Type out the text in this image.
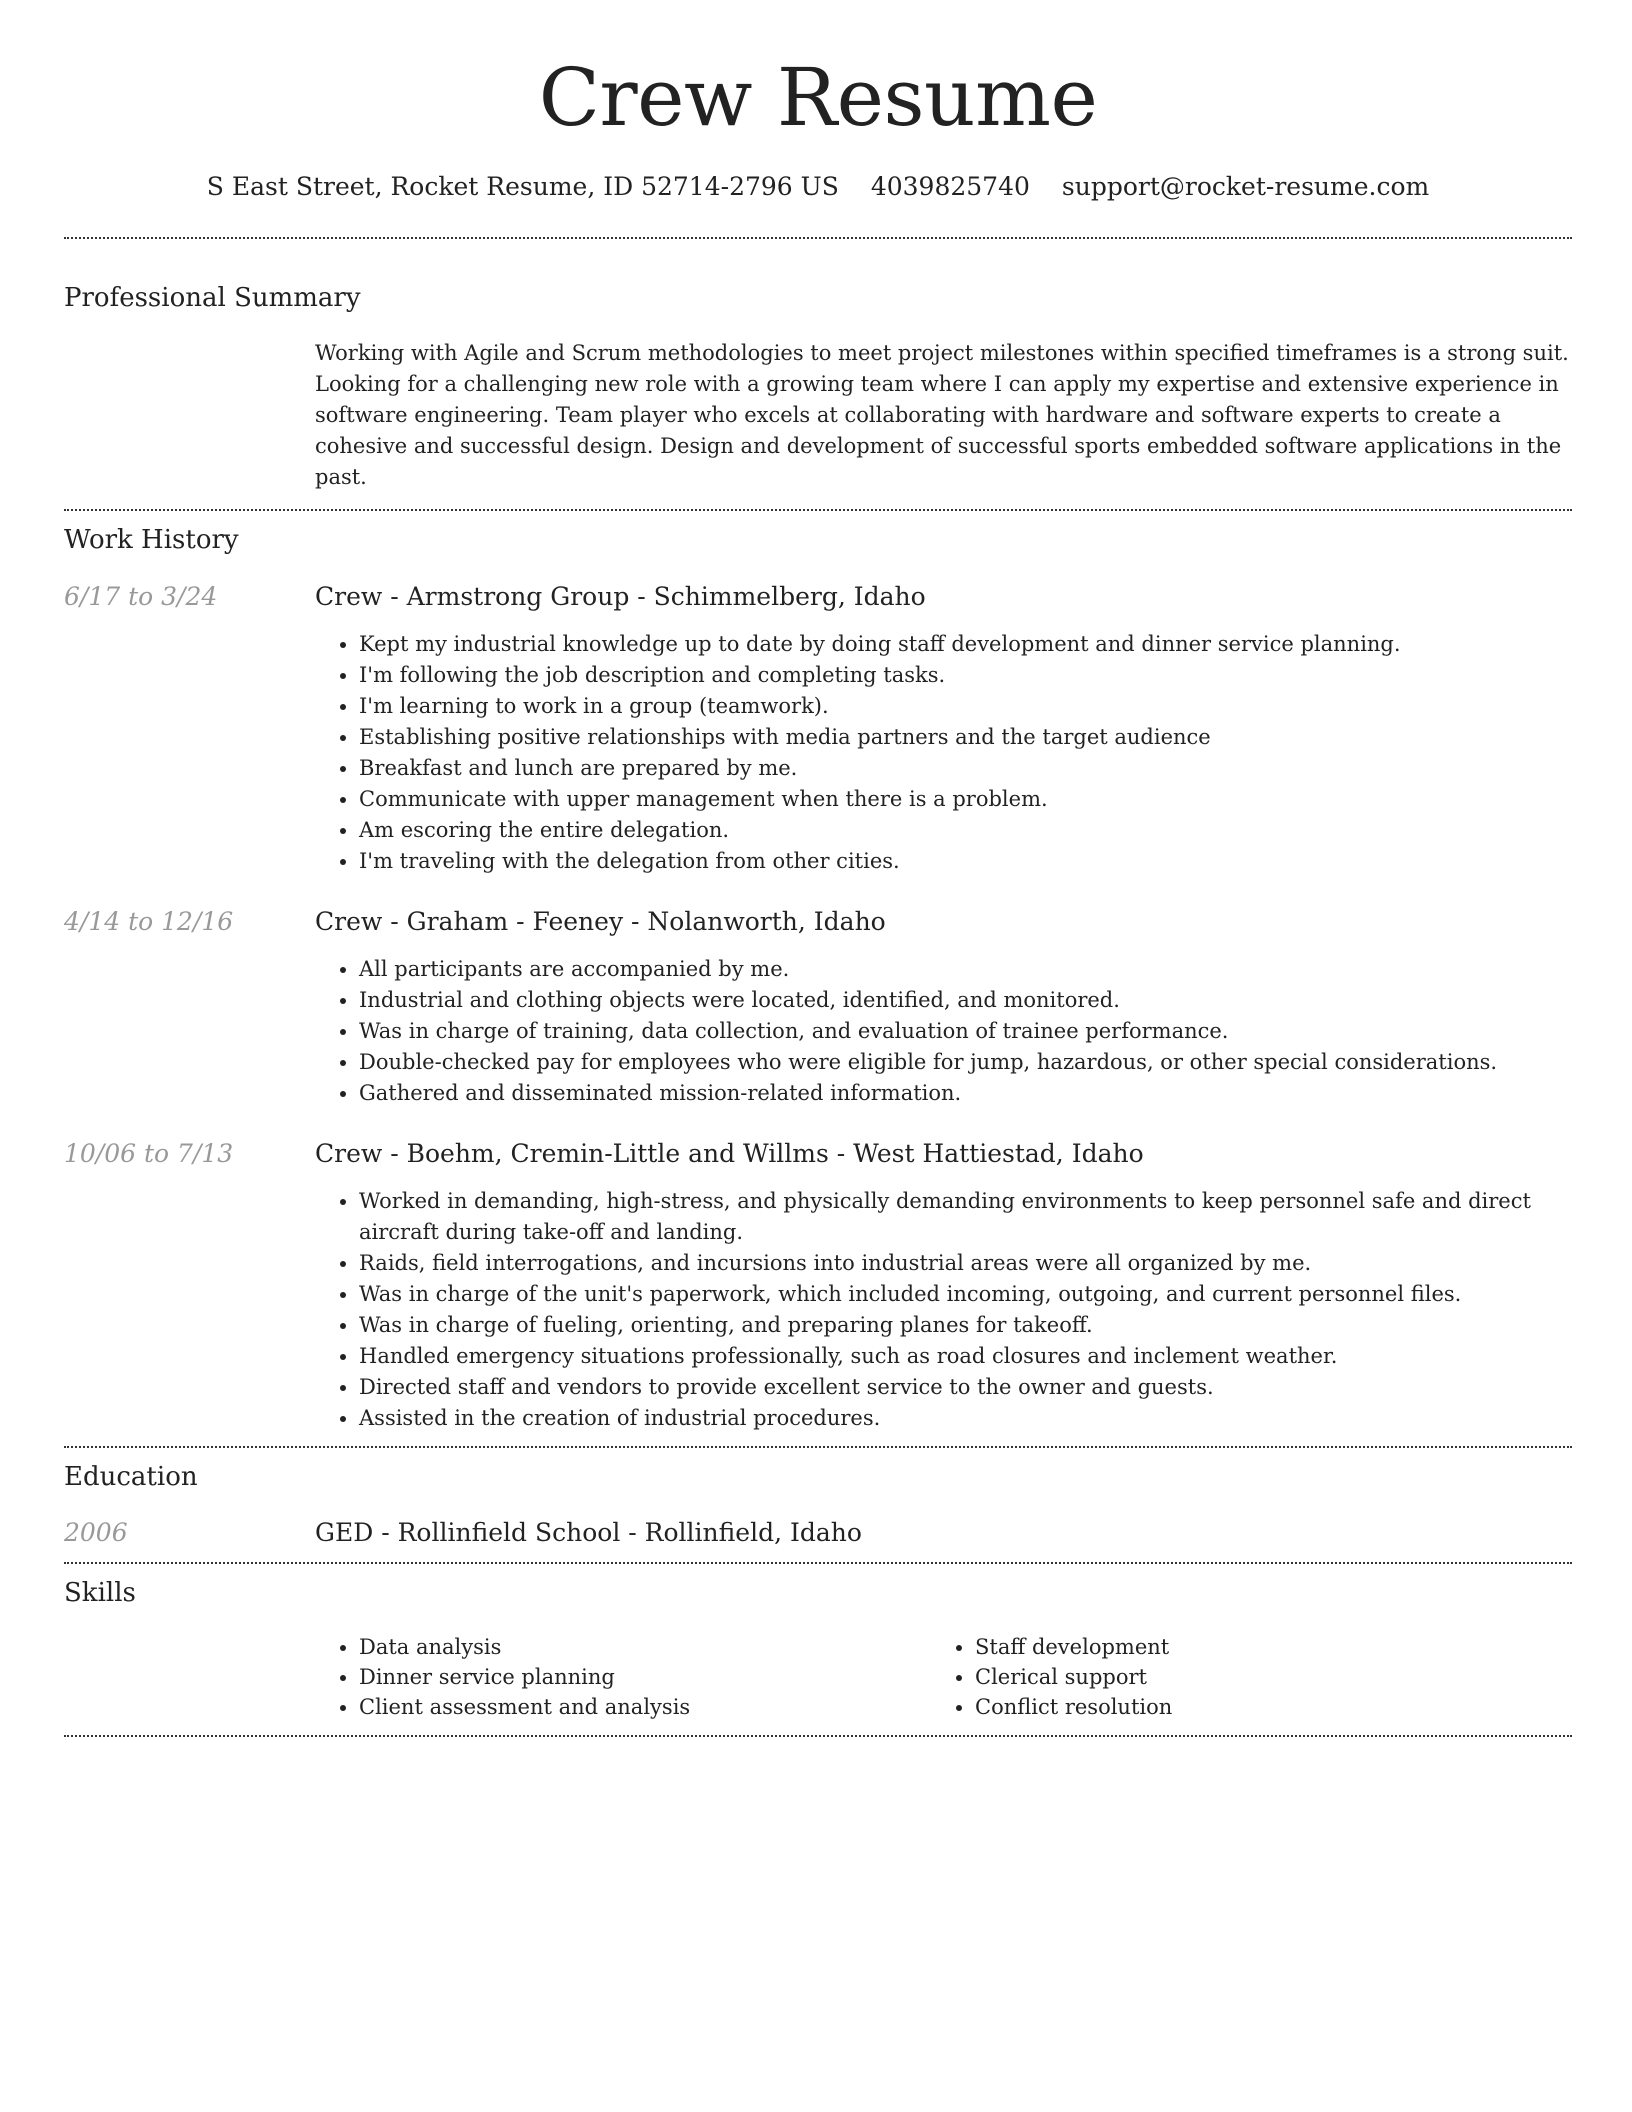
Crew Resume
S East Street, Rocket Resume, ID 52714-2796 US 4039825740 support@rocket-resume.com
Professional Summary
Working with Agile and Scrum methodologies to meet project milestones within specified timeframes is a strong suit. Looking for a challenging new role with a growing team where I can apply my expertise and extensive experience in software engineering. Team player who excels at collaborating with hardware and software experts to create a cohesive and successful design. Design and development of successful sports embedded software applications in the past.
Work History
6/17 to 3/24	Crew - Armstrong Group - Schimmelberg, Idaho
• Kept my industrial knowledge up to date by doing staff development and dinner service planning.
• I'm following the job description and completing tasks.
• I'm learning to work in a group (teamwork).
• Establishing positive relationships with media partners and the target audience
• Breakfast and lunch are prepared by me.
• Communicate with upper management when there is a problem.
• Am escoring the entire delegation.
• I'm traveling with the delegation from other cities.
4/14 to 12/16	Crew - Graham - Feeney - Nolanworth, Idaho
• All participants are accompanied by me.
• Industrial and clothing objects were located, identified, and monitored.
• Was in charge of training, data collection, and evaluation of trainee performance.
• Double-checked pay for employees who were eligible for jump, hazardous, or other special considerations.
• Gathered and disseminated mission-related information.
10/06 to 7/13	Crew - Boehm, Cremin-Little and Willms - West Hattiestad, Idaho
• Worked in demanding, high-stress, and physically demanding environments to keep personnel safe and direct aircraft during take-off and landing.
• Raids, field interrogations, and incursions into industrial areas were all organized by me.
• Was in charge of the unit's paperwork, which included incoming, outgoing, and current personnel files.
• Was in charge of fueling, orienting, and preparing planes for takeoff.
• Handled emergency situations professionally, such as road closures and inclement weather.
• Directed staff and vendors to provide excellent service to the owner and guests.
• Assisted in the creation of industrial procedures.
Education
2006	GED - Rollinfield School - Rollinfield, Idaho
Skills
• Data analysis
• Dinner service planning
• Client assessment and analysis
• Staff development
• Clerical support
• Conflict resolution
